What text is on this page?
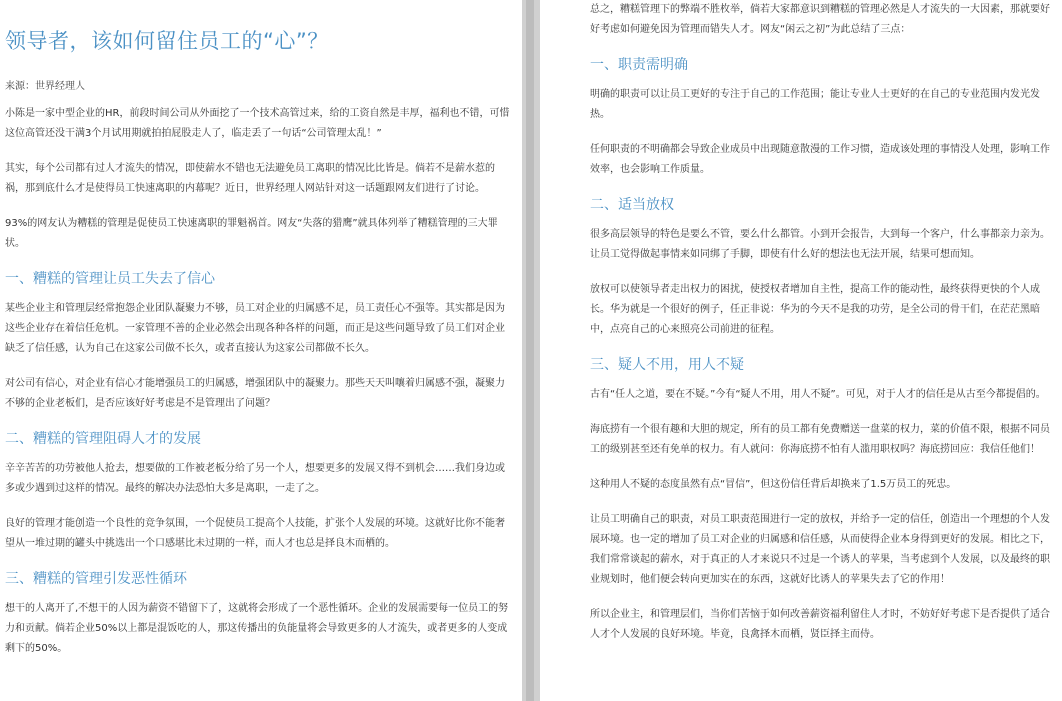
领导者，该如何留住员工的“心”？
来源：世界经理人

小陈是一家中型企业的HR，前段时间公司从外面挖了一个技术高管过来，给的工资自然是丰厚，福利也不错，可惜这位高管还没干满3个月试用期就拍拍屁股走人了，临走丢了一句话“公司管理太乱！”

其实，每个公司都有过人才流失的情况，即使薪水不错也无法避免员工离职的情况比比皆是。倘若不是薪水惹的祸，那到底什么才是使得员工快速离职的内幕呢？近日，世界经理人网站针对这一话题跟网友们进行了讨论。

93%的网友认为糟糕的管理是促使员工快速离职的罪魁祸首。网友“失落的猎鹰”就具体列举了糟糕管理的三大罪状。

一、糟糕的管理让员工失去了信心

某些企业主和管理层经常抱怨企业团队凝聚力不够，员工对企业的归属感不足，员工责任心不强等。其实都是因为这些企业存在着信任危机。一家管理不善的企业必然会出现各种各样的问题，而正是这些问题导致了员工们对企业缺乏了信任感，认为自己在这家公司做不长久，或者直接认为这家公司都做不长久。

对公司有信心，对企业有信心才能增强员工的归属感，增强团队中的凝聚力。那些天天叫嚷着归属感不强，凝聚力不够的企业老板们，是否应该好好考虑是不是管理出了问题？

二、糟糕的管理阻碍人才的发展

辛辛苦苦的功劳被他人抢去，想要做的工作被老板分给了另一个人，想要更多的发展又得不到机会……我们身边或多或少遇到过这样的情况。最终的解决办法恐怕大多是离职，一走了之。

良好的管理才能创造一个良性的竞争氛围，一个促使员工提高个人技能，扩张个人发展的环境。这就好比你不能奢望从一堆过期的罐头中挑选出一个口感堪比未过期的一样，而人才也总是择良木而栖的。

三、糟糕的管理引发恶性循环

想干的人离开了,不想干的人因为薪资不错留下了，这就将会形成了一个恶性循环。企业的发展需要每一位员工的努力和贡献。倘若企业50%以上都是混饭吃的人，那这传播出的负能量将会导致更多的人才流失，或者更多的人变成剩下的50%。

总之，糟糕管理下的弊端不胜枚举，倘若大家都意识到糟糕的管理必然是人才流失的一大因素，那就要好好考虑如何避免因为管理而错失人才。网友“闲云之初”为此总结了三点：

一、职责需明确

明确的职责可以让员工更好的专注于自己的工作范围；能让专业人士更好的在自己的专业范围内发光发热。

任何职责的不明确都会导致企业成员中出现随意散漫的工作习惯，造成该处理的事情没人处理，影响工作效率，也会影响工作质量。

二、适当放权

很多高层领导的特色是要么不管，要么什么都管。小到开会报告，大到每一个客户，什么事都亲力亲为。让员工觉得做起事情来如同绑了手脚，即使有什么好的想法也无法开展，结果可想而知。

放权可以使领导者走出权力的困扰，使授权者增加自主性，提高工作的能动性，最终获得更快的个人成长。华为就是一个很好的例子，任正非说：华为的今天不是我的功劳，是全公司的骨干们，在茫茫黑暗中，点亮自己的心来照亮公司前进的征程。

三、疑人不用，用人不疑

古有“任人之道，要在不疑。”今有“疑人不用，用人不疑”。可见，对于人才的信任是从古至今都提倡的。

海底捞有一个很有趣和大胆的规定，所有的员工都有免费赠送一盘菜的权力，菜的价值不限，根据不同员工的级别甚至还有免单的权力。有人就问：你海底捞不怕有人滥用职权吗？海底捞回应：我信任他们！

这种用人不疑的态度虽然有点“冒信”，但这份信任背后却换来了1.5万员工的死忠。

让员工明确自己的职责，对员工职责范围进行一定的放权，并给予一定的信任，创造出一个理想的个人发展环境。也一定的增加了员工对企业的归属感和信任感，从而使得企业本身得到更好的发展。相比之下，我们常常谈起的薪水，对于真正的人才来说只不过是一个诱人的苹果，当考虑到个人发展，以及最终的职业规划时，他们便会转向更加实在的东西，这就好比诱人的苹果失去了它的作用！

所以企业主，和管理层们，当你们苦恼于如何改善薪资福利留住人才时，不妨好好考虑下是否提供了适合人才个人发展的良好环境。毕竟，良禽择木而栖，贤臣择主而侍。
